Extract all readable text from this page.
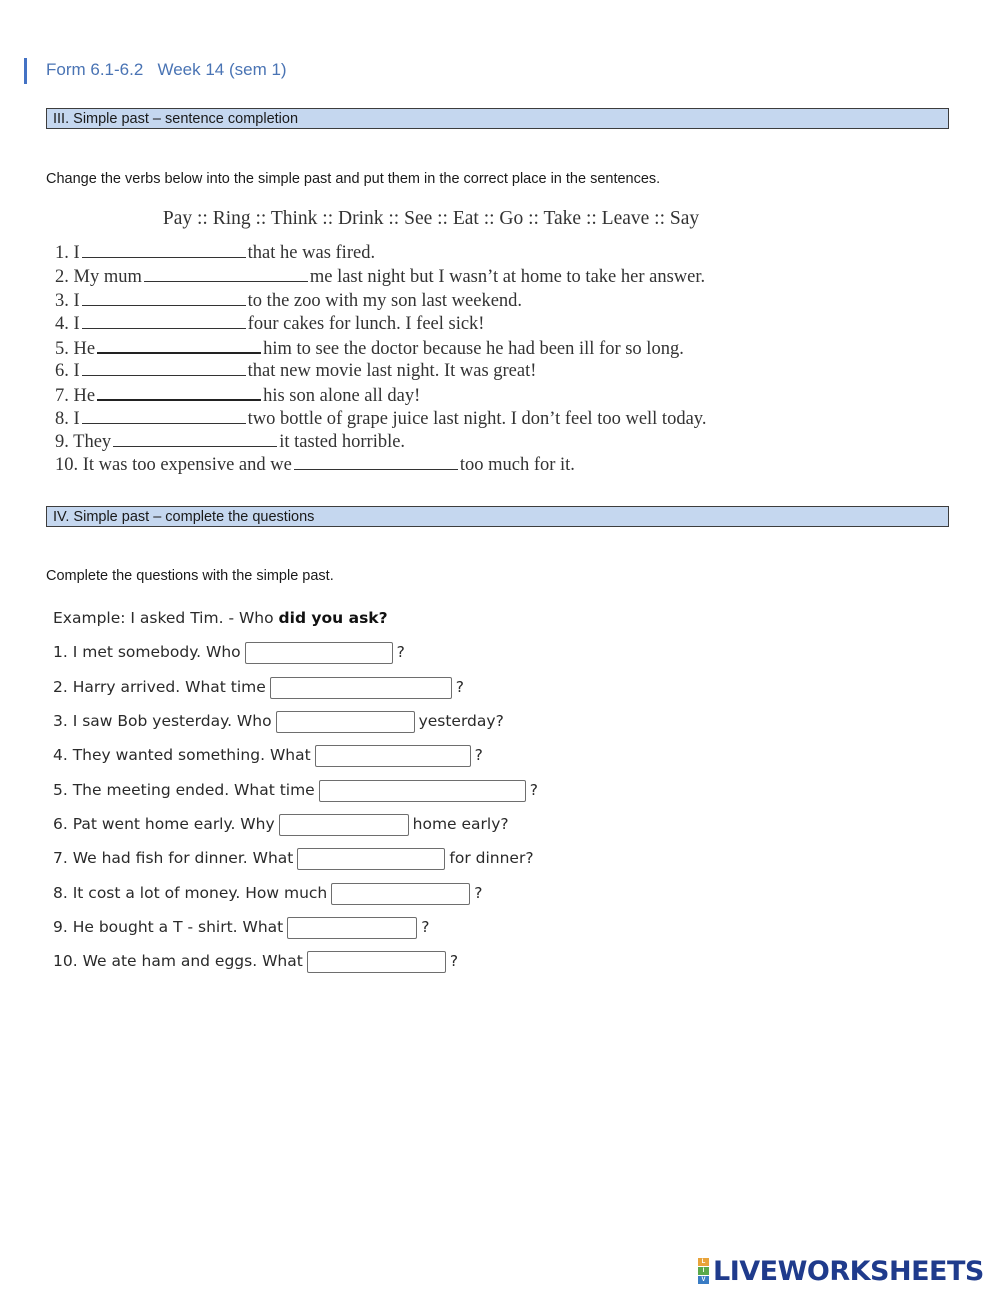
Form 6.1-6.2   Week 14 (sem 1)
III. Simple past – sentence completion
Change the verbs below into the simple past and put them in the correct place in the sentences.
Pay :: Ring :: Think :: Drink :: See :: Eat :: Go :: Take :: Leave :: Say
1. I	that he was fired.
2. My mum	me last night but I wasn’t at home to take her answer.
3. I	to the zoo with my son last weekend.
4. I	four cakes for lunch. I feel sick!
5. He	him to see the doctor because he had been ill for so long.
6. I	that new movie last night. It was great!
7. He	his son alone all day!
8. I	two bottle of grape juice last night. I don’t feel too well today.
9. They	it tasted horrible.
10. It was too expensive and we	too much for it.
IV. Simple past – complete the questions
Complete the questions with the simple past.
Example: I asked Tim. - Who did you ask?
1. I met somebody. Who	?
2. Harry arrived. What time	?
3. I saw Bob yesterday. Who	yesterday?
4. They wanted something. What	?
5. The meeting ended. What time	?
6. Pat went home early. Why	home early?
7. We had fish for dinner. What	for dinner?
8. It cost a lot of money. How much	?
9. He bought a T - shirt. What	?
10. We ate ham and eggs. What	?
L
I
V LIVEWORKSHEETS
